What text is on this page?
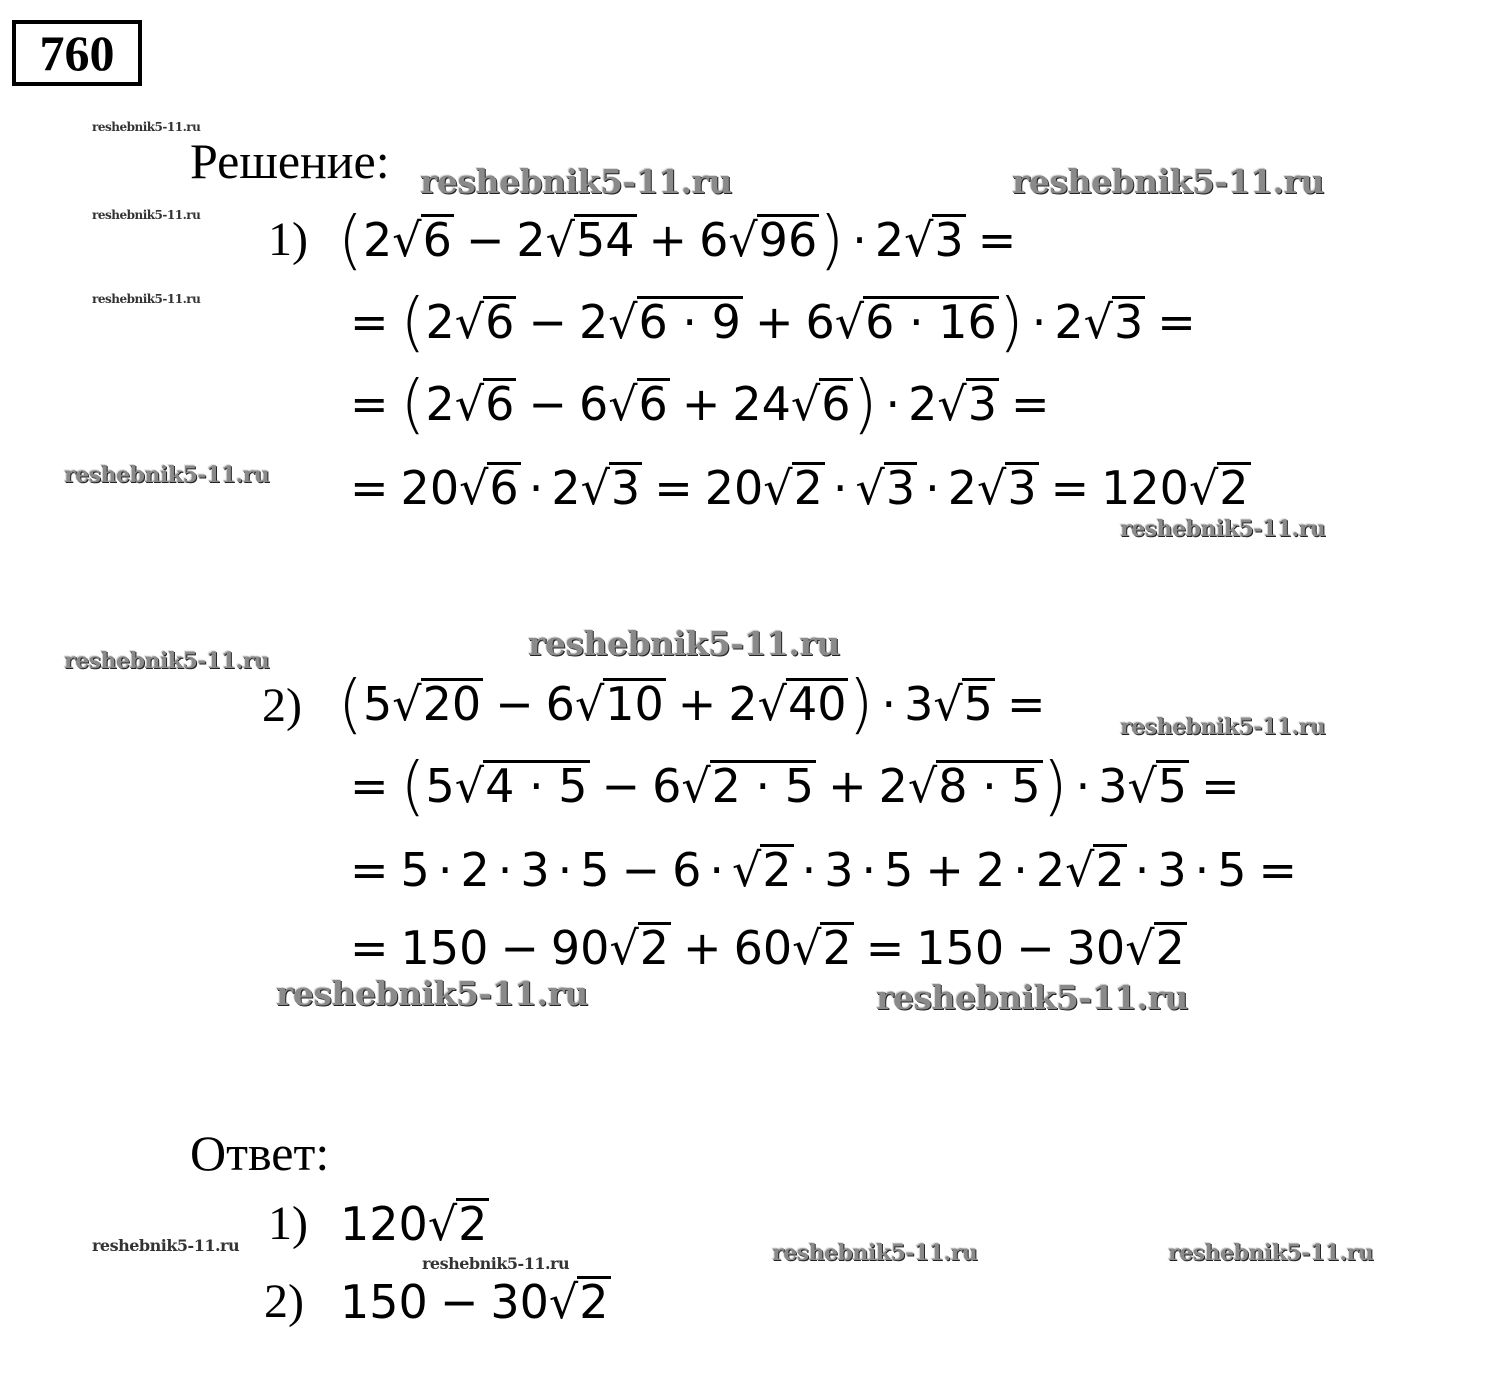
760
Решение:
1) (2 √ 6 − 2 √ 54 + 6 √ 96 ) · 2 √ 3 =
= (2 √ 6 − 2 √ 6 · 9 + 6 √ 6 · 16 ) · 2 √ 3 =
= (2 √ 6 − 6 √ 6 + 24 √ 6 ) · 2 √ 3 =
= 20 √ 6 · 2 √ 3 = 20 √ 2 · √ 3 · 2 √ 3 = 120 √ 2
2) (5 √ 20 − 6 √ 10 + 2 √ 40 ) · 3 √ 5 =
= (5 √ 4 · 5 − 6 √ 2 · 5 + 2 √ 8 · 5 ) · 3 √ 5 =
= 5 · 2 · 3 · 5 − 6 · √ 2 · 3 · 5 + 2 · 2 √ 2 · 3 · 5 =
= 150 − 90 √ 2 + 60 √ 2 = 150 − 30 √ 2
Ответ:
1) 120 √ 2
2) 150 − 30 √ 2
reshebnik5-11.ru
reshebnik5-11.ru
reshebnik5-11.ru
reshebnik5-11.ru	reshebnik5-11.ru
reshebnik5-11.ru
reshebnik5-11.ru
reshebnik5-11.ru
reshebnik5-11.ru
reshebnik5-11.ru
reshebnik5-11.ru	reshebnik5-11.ru
reshebnik5-11.ru
reshebnik5-11.ru	reshebnik5-11.ru	reshebnik5-11.ru
